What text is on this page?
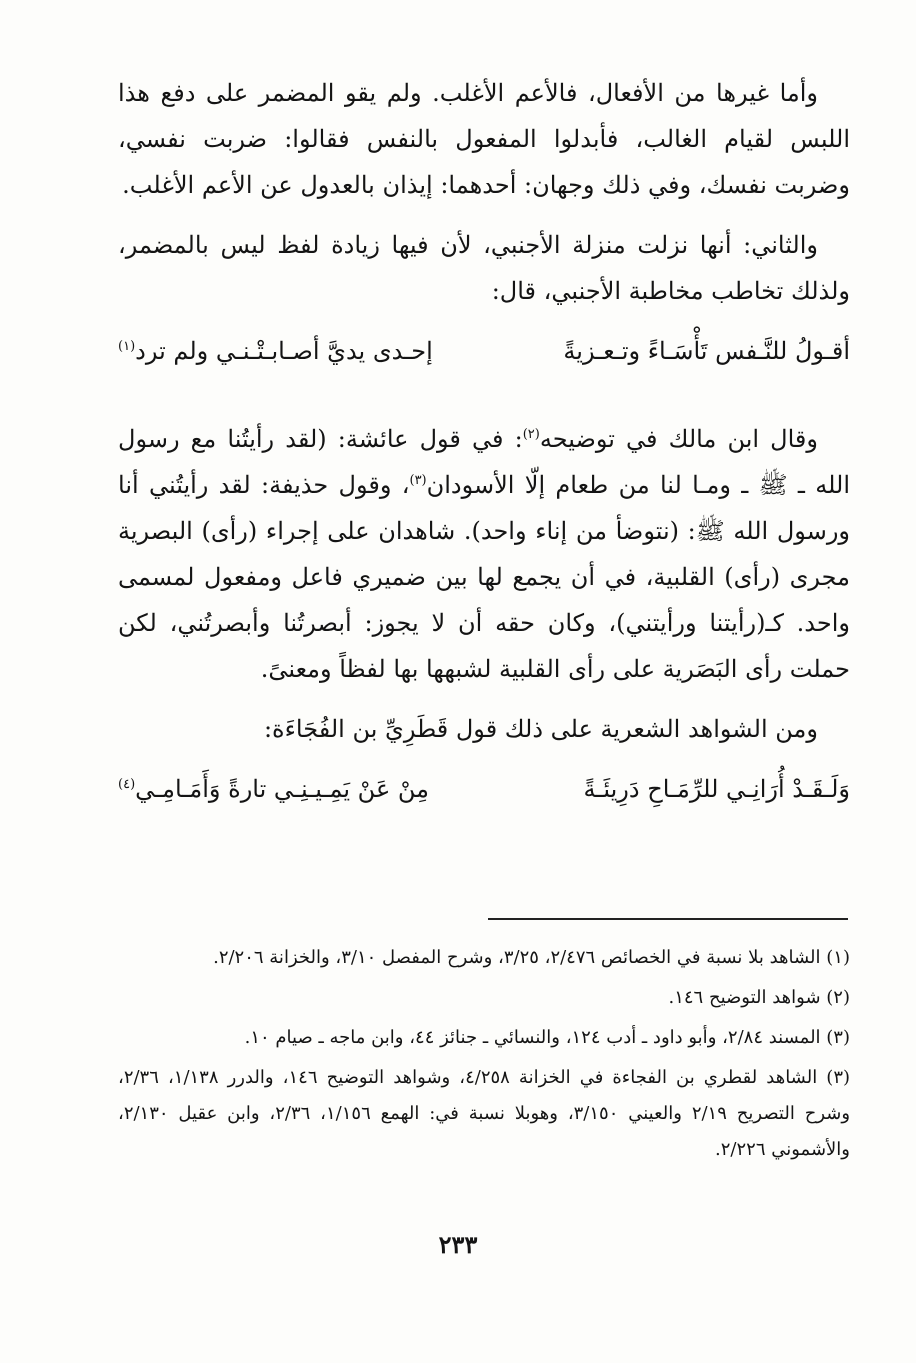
وأما غيرها من الأفعال، فالأعم الأغلب. ولم يقو المضمر على دفع هذا اللبس لقيام الغالب، فأبدلوا المفعول بالنفس فقالوا: ضربت نفسي، وضربت نفسك، وفي ذلك وجهان: أحدهما: إيذان بالعدول عن الأعم الأغلب.

والثاني: أنها نزلت منزلة الأجنبي، لأن فيها زيادة لفظ ليس بالمضمر، ولذلك تخاطب مخاطبة الأجنبي، قال:

أقـولُ للنَّـفس تَأْسَـاءً وتـعـزيةً
إحـدى يديَّ أصـابـتْـنـي ولم ترد$^{(١)}$

وقال ابن مالك في توضيحه$^{(٢)}$: في قول عائشة: (لقد رأيتُنا مع رسول الله ـ ﷺ ـ ومـا لنا من طعام إلّا الأسودان$^{(٣)}$، وقول حذيفة: لقد رأيتُني أنا ورسول الله ﷺ: (نتوضأ من إناء واحد). شاهدان على إجراء (رأى) البصرية مجرى (رأى) القلبية، في أن يجمع لها بين ضميري فاعل ومفعول لمسمى واحد. كـ(رأيتنا ورأيتني)، وكان حقه أن لا يجوز: أبصرتُنا وأبصرتُني، لكن حملت رأى البَصَرية على رأى القلبية لشبهها بها لفظاً ومعنىً.

ومن الشواهد الشعرية على ذلك قول قَطَرِيِّ بن الفُجَاءَة:

وَلَـقَـدْ أُرَانِـي للرِّمَـاحِ دَرِيئَـةً
مِنْ عَنْ يَمِـيـنِـي تارةً وَأَمَـامِـي$^{(٤)}$

(١) الشاهد بلا نسبة في الخصائص ٢/٤٧٦، ٣/٢٥، وشرح المفصل ٣/١٠، والخزانة ٢/٢٠٦.

(٢) شواهد التوضيح ١٤٦.

(٣) المسند ٢/٨٤، وأبو داود ـ أدب ١٢٤، والنسائي ـ جنائز ٤٤، وابن ماجه ـ صيام ١٠.

(٣) الشاهد لقطري بن الفجاءة في الخزانة ٤/٢٥٨، وشواهد التوضيح ١٤٦، والدرر ١/١٣٨، ٢/٣٦، وشرح التصريح ٢/١٩ والعيني ٣/١٥٠، وهوبلا نسبة في: الهمع ١/١٥٦، ٢/٣٦، وابن عقيل ٢/١٣٠، والأشموني ٢/٢٢٦.

٢٣٣
